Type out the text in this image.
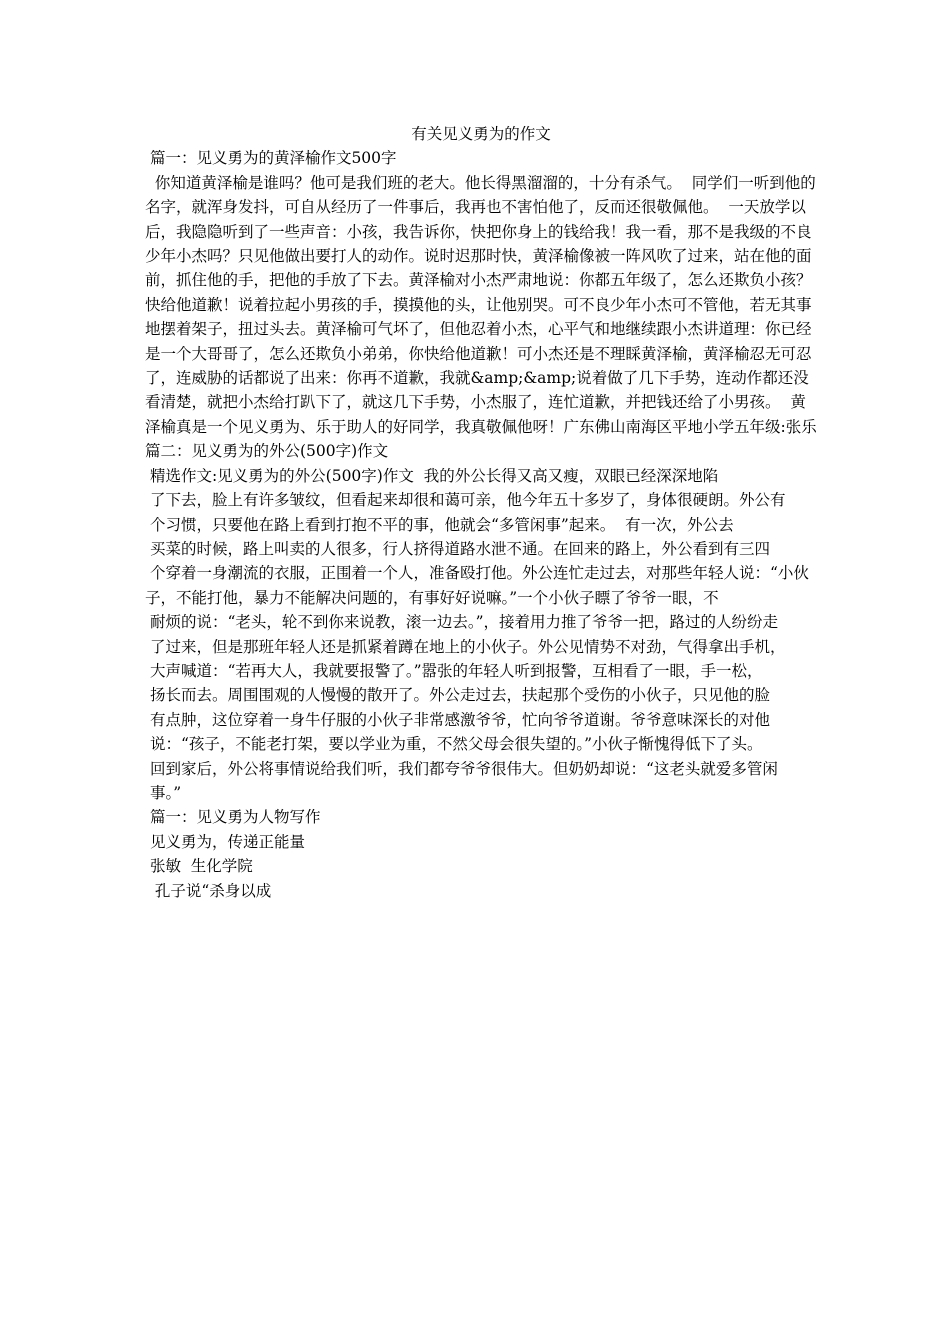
有关见义勇为的作文
篇一：见义勇为的黄泽榆作文500字
你知道黄泽榆是谁吗？他可是我们班的老大。他长得黑溜溜的，十分有杀气。  同学们一听到他的名字，就浑身发抖，可自从经历了一件事后，我再也不害怕他了，反而还很敬佩他。  一天放学以后，我隐隐听到了一些声音：小孩，我告诉你，快把你身上的钱给我！我一看，那不是我级的不良少年小杰吗？只见他做出要打人的动作。说时迟那时快，黄泽榆像被一阵风吹了过来，站在他的面前，抓住他的手，把他的手放了下去。黄泽榆对小杰严肃地说：你都五年级了，怎么还欺负小孩？快给他道歉！说着拉起小男孩的手，摸摸他的头，让他别哭。可不良少年小杰可不管他，若无其事地摆着架子，扭过头去。黄泽榆可气坏了，但他忍着小杰，心平气和地继续跟小杰讲道理：你已经是一个大哥哥了，怎么还欺负小弟弟，你快给他道歉！可小杰还是不理睬黄泽榆，黄泽榆忍无可忍了，连威胁的话都说了出来：你再不道歉，我就&amp;&amp;说着做了几下手势，连动作都还没看清楚，就把小杰给打趴下了，就这几下手势，小杰服了，连忙道歉，并把钱还给了小男孩。  黄泽榆真是一个见义勇为、乐于助人的好同学，我真敬佩他呀！广东佛山南海区平地小学五年级:张乐
篇二：见义勇为的外公(500字)作文
精选作文:见义勇为的外公(500字)作文  我的外公长得又高又瘦，双眼已经深深地陷
了下去，脸上有许多皱纹，但看起来却很和蔼可亲，他今年五十多岁了，身体很硬朗。外公有
个习惯，只要他在路上看到打抱不平的事，他就会“多管闲事”起来。  有一次，外公去
买菜的时候，路上叫卖的人很多，行人挤得道路水泄不通。在回来的路上，外公看到有三四
个穿着一身潮流的衣服，正围着一个人，准备殴打他。外公连忙走过去，对那些年轻人说：“小伙子，不能打他，暴力不能解决问题的，有事好好说嘛。”一个小伙子瞟了爷爷一眼，不
耐烦的说：“老头，轮不到你来说教，滚一边去。”，接着用力推了爷爷一把，路过的人纷纷走
了过来，但是那班年轻人还是抓紧着蹲在地上的小伙子。外公见情势不对劲，气得拿出手机，
大声喊道：“若再大人，我就要报警了。”嚣张的年轻人听到报警，互相看了一眼，手一松，
扬长而去。周围围观的人慢慢的散开了。外公走过去，扶起那个受伤的小伙子，只见他的脸
有点肿，这位穿着一身牛仔服的小伙子非常感激爷爷，忙向爷爷道谢。爷爷意味深长的对他
说：“孩子，不能老打架，要以学业为重，不然父母会很失望的。”小伙子惭愧得低下了头。
回到家后，外公将事情说给我们听，我们都夸爷爷很伟大。但奶奶却说：“这老头就爱多管闲
事。”
篇一：见义勇为人物写作
见义勇为，传递正能量
张敏  生化学院
孔子说“杀身以成
